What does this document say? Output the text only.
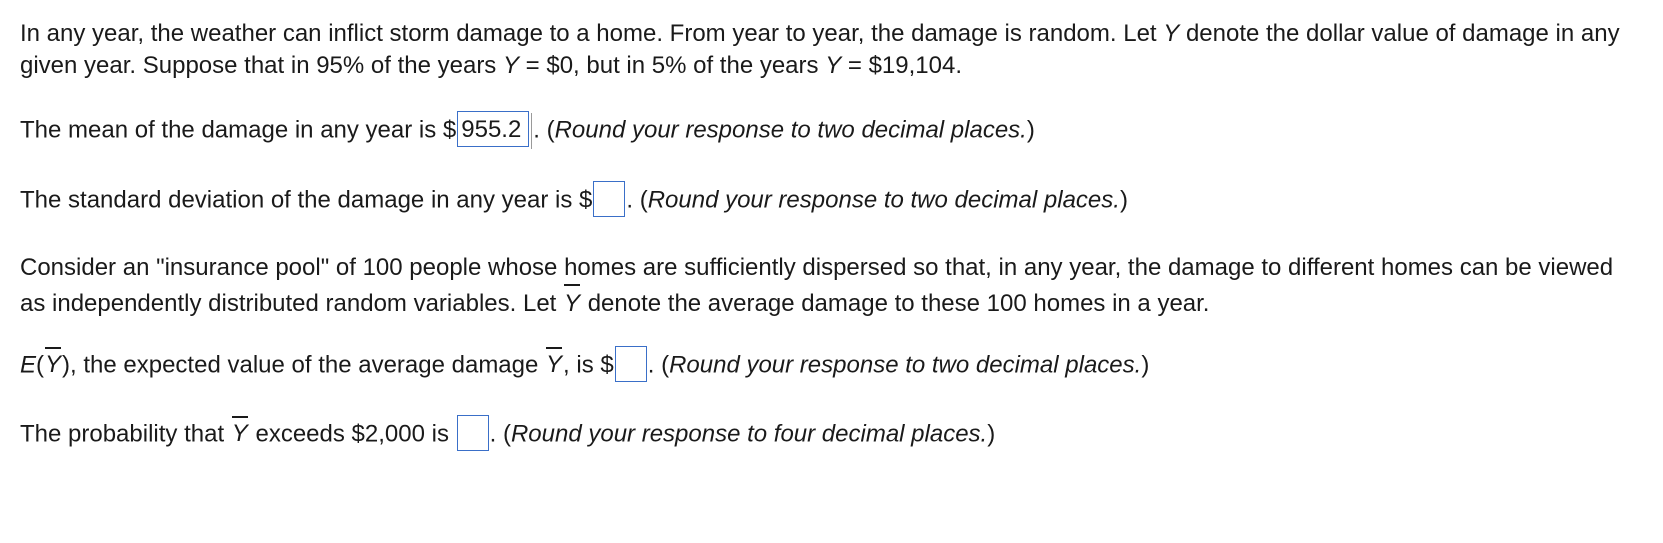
In any year, the weather can inflict storm damage to a home. From year to year, the damage is random. Let Y denote the dollar value of damage in any given year. Suppose that in 95% of the years Y = $0, but in 5% of the years Y = $19,104.

The mean of the damage in any year is $ 955.2 . (Round your response to two decimal places.)

The standard deviation of the damage in any year is $ . (Round your response to two decimal places.)

Consider an "insurance pool" of 100 people whose homes are sufficiently dispersed so that, in any year, the damage to different homes can be viewed as independently distributed random variables. Let Y denote the average damage to these 100 homes in a year.

E(Y), the expected value of the average damage Y, is $ . (Round your response to two decimal places.)

The probability that Y exceeds $2,000 is . (Round your response to four decimal places.)
